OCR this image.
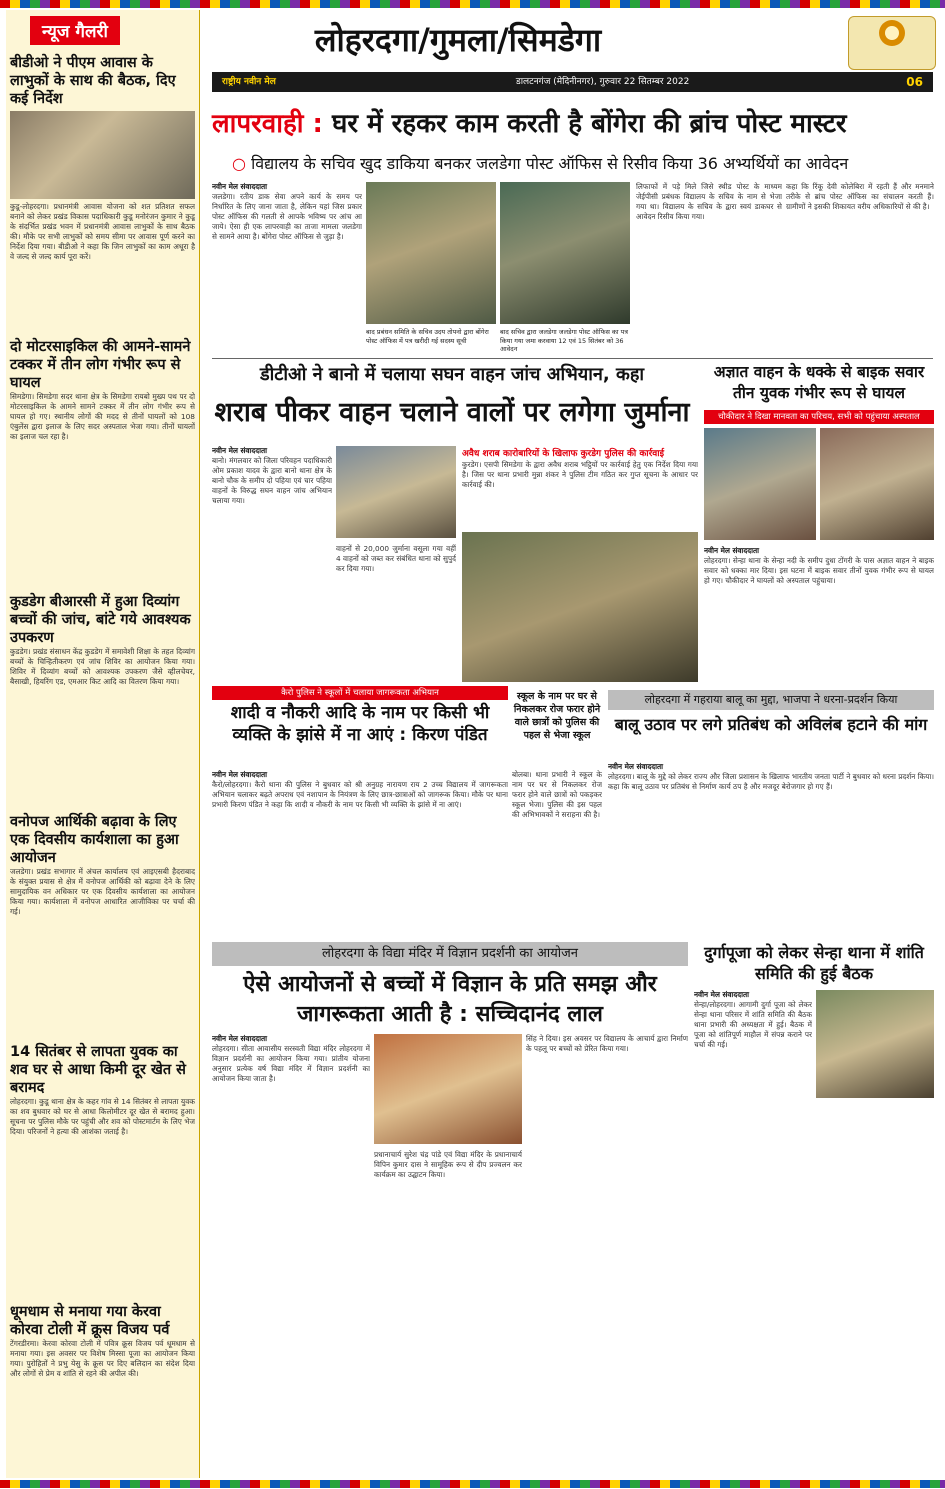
न्यूज गैलरी
बीडीओ ने पीएम आवास के लाभुकों के साथ की बैठक, दिए कई निर्देश
कुडू-लोहरदगा। प्रधानमंत्री आवास योजना को शत प्रतिशत सफल बनाने को लेकर प्रखंड विकास पदाधिकारी कुडू मनोरंजन कुमार ने कुडू के संदर्भित प्रखंड भवन में प्रधानमंत्री आवास लाभुकों के साथ बैठक की। मौके पर सभी लाभुकों को समय सीमा पर आवास पूर्ण करने का निर्देश दिया गया। बीडीओ ने कहा कि जिन लाभुकों का काम अधूरा है वे जल्द से जल्द कार्य पूरा करें।
दो मोटरसाइकिल की आमने-सामने टक्कर में तीन लोग गंभीर रूप से घायल
सिमडेगा। सिमडेगा सदर थाना क्षेत्र के सिमडेगा रायबो मुख्य पथ पर दो मोटरसाइकिल के आमने सामने टक्कर में तीन लोग गंभीर रूप से घायल हो गए। स्थानीय लोगों की मदद से तीनों घायलों को 108 एंबुलेंस द्वारा इलाज के लिए सदर अस्पताल भेजा गया। तीनों घायलों का इलाज चल रहा है।
कुडडेग बीआरसी में हुआ दिव्यांग बच्चों की जांच, बांटे गये आवश्यक उपकरण
कुडडेग। प्रखंड संसाधन केंद्र कुडडेग में समावेशी शिक्षा के तहत दिव्यांग बच्चों के चिन्हितीकरण एवं जांच शिविर का आयोजन किया गया। शिविर में दिव्यांग बच्चों को आवश्यक उपकरण जैसे व्हीलचेयर, बैसाखी, हियरिंग एड, एमआर किट आदि का वितरण किया गया।
वनोपज आर्थिकी बढ़ावा के लिए एक दिवसीय कार्यशाला का हुआ आयोजन
जलडेगा। प्रखंड सभागार में अंचल कार्यालय एवं आइएसबी हैदराबाद के संयुक्त प्रयास से क्षेत्र में वनोपज आर्थिकी को बढ़ावा देने के लिए सामुदायिक वन अधिकार पर एक दिवसीय कार्यशाला का आयोजन किया गया। कार्यशाला में वनोपज आधारित आजीविका पर चर्चा की गई।
14 सितंबर से लापता युवक का शव घर से आधा किमी दूर खेत से बरामद
लोहरदगा। कुडू थाना क्षेत्र के कहर गांव से 14 सितंबर से लापता युवक का शव बुधवार को घर से आधा किलोमीटर दूर खेत से बरामद हुआ। सूचना पर पुलिस मौके पर पहुंची और शव को पोस्टमार्टम के लिए भेज दिया। परिजनों ने हत्या की आशंका जताई है।
धूमधाम से मनाया गया केरवा कोरवा टोली में क्रूस विजय पर्व
टेंगरडीरमा। केरवा कोरवा टोली में पवित्र क्रूस विजय पर्व धूमधाम से मनाया गया। इस अवसर पर विशेष मिस्सा पूजा का आयोजन किया गया। पुरोहितों ने प्रभु येसु के क्रूस पर दिए बलिदान का संदेश दिया और लोगों से प्रेम व शांति से रहने की अपील की।
लोहरदगा/गुमला/सिमडेगा
राष्ट्रीय नवीन मेल	डालटनगंज (मेदिनीनगर), गुरुवार 22 सितम्बर 2022	06
लापरवाही : घर में रहकर काम करती है बोंगेरा की ब्रांच पोस्ट मास्टर
○ विद्यालय के सचिव खुद डाकिया बनकर जलडेगा पोस्ट ऑफिस से रिसीव किया 36 अभ्यर्थियों का आवेदन
नवीन मेल संवाददाता
जलडेगा। रतीय डाक सेवा अपने कार्य के समय पर निर्धारित के लिए जाना जाता है, लेकिन यहां जिस प्रकार पोस्ट ऑफिस की गलती से आपके भविष्य पर आंच आ जाये। ऐसा ही एक लापरवाही का ताजा मामला जलडेगा से सामने आया है। बोंगेरा पोस्ट ऑफिस से जुड़ा है।
बाद प्रबंधन समिति के सचिव उदय तोपनो द्वारा बोंगेरा पोस्ट ऑफिस में पत्र खरीदी गई सदस्य सूची
बाद सचिव द्वारा जलडेगा जलडेगा पोस्ट ऑफिस का पत्र किया गया जमा करवाया 12 एवं 15 सितंबर को 36 आवेदन
लिफाफों में पड़े मिले जिसे स्थीड पोस्ट के माध्यम जेईपीसी प्रबंधक विद्यालय के सचिव के नाम से भेजा गया था। विद्यालय के सचिव के द्वारा स्वयं डाकघर से आवेदन रिसीव किया गया।
कहा कि रिंकू देवी कोलेबिरा में रहती हैं और मनमाने तरीके से ब्रांच पोस्ट ऑफिस का संचालन करती हैं। ग्रामीणों ने इसकी शिकायत वरीय अधिकारियों से की है।
डीटीओ ने बानो में चलाया सघन वाहन जांच अभियान, कहा
शराब पीकर वाहन चलाने वालों पर लगेगा जुर्माना
नवीन मेल संवाददाता
बानो। मंगलवार को जिला परिवहन पदाधिकारी ओम प्रकाश यादव के द्वारा बानो थाना क्षेत्र के बानो चौक के समीप दो पहिया एवं चार पहिया वाहनों के विरुद्ध सघन वाहन जांच अभियान चलाया गया।
वाहनों से 20,000 जुर्माना वसूला गया वहीं 4 वाहनों को जब्त कर संबंधित थाना को सुपुर्द कर दिया गया।
अवैध शराब कारोबारियों के खिलाफ कुरडेग पुलिस की कार्रवाई
कुरडेग। एसपी सिमडेगा के द्वारा अवैध शराब भट्ठियों पर कार्रवाई हेतु एक निर्देश दिया गया है। जिस पर थाना प्रभारी मुन्ना शंकर ने पुलिस टीम गठित कर गुप्त सूचना के आधार पर कार्रवाई की।
अज्ञात वाहन के धक्के से बाइक सवार तीन युवक गंभीर रूप से घायल
चौकीदार ने दिखा मानवता का परिचय, सभी को पहुंचाया अस्पताल
नवीन मेल संवाददाता
लोहरदगा। सेन्हा थाना के सेन्हा नदी के समीप दुधा टोंगरी के पास अज्ञात वाहन ने बाइक सवार को धक्का मार दिया। इस घटना में बाइक सवार तीनों युवक गंभीर रूप से घायल हो गए। चौकीदार ने घायलों को अस्पताल पहुंचाया।
कैरो पुलिस ने स्कूलों में चलाया जागरूकता अभियान
शादी व नौकरी आदि के नाम पर किसी भी व्यक्ति के झांसे में ना आएं : किरण पंडित
नवीन मेल संवाददाता
कैरो/लोहरदगा। कैरो थाना की पुलिस ने बुधवार को श्री अनुग्रह नारायण राय 2 उच्च विद्यालय में जागरूकता अभियान चलाकर बढ़ते अपराध एवं नशापान के नियंत्रण के लिए छात्र-छात्राओं को जागरूक किया। मौके पर थाना प्रभारी किरण पंडित ने कहा कि शादी व नौकरी के नाम पर किसी भी व्यक्ति के झांसे में ना आएं।
स्कूल के नाम पर घर से निकलकर रोज फरार होने वाले छात्रों को पुलिस की पहल से भेजा स्कूल
बोलबा। थाना प्रभारी ने स्कूल के नाम पर घर से निकलकर रोज फरार होने वाले छात्रों को पकड़कर स्कूल भेजा। पुलिस की इस पहल की अभिभावकों ने सराहना की है।
लोहरदगा में गहराया बालू का मुद्दा, भाजपा ने धरना-प्रदर्शन किया
बालू उठाव पर लगे प्रतिबंध को अविलंब हटाने की मांग
नवीन मेल संवाददाता
लोहरदगा। बालू के मुद्दे को लेकर राज्य और जिला प्रशासन के खिलाफ भारतीय जनता पार्टी ने बुधवार को धरना प्रदर्शन किया। कहा कि बालू उठाव पर प्रतिबंध से निर्माण कार्य ठप है और मजदूर बेरोजगार हो गए हैं।
लोहरदगा के विद्या मंदिर में विज्ञान प्रदर्शनी का आयोजन
ऐसे आयोजनों से बच्चों में विज्ञान के प्रति समझ और जागरूकता आती है : सच्चिदानंद लाल
नवीन मेल संवाददाता
लोहरदगा। सीता आवासीय सरस्वती विद्या मंदिर लोहरदगा में विज्ञान प्रदर्शनी का आयोजन किया गया। प्रांतीय योजना अनुसार प्रत्येक वर्ष विद्या मंदिर में विज्ञान प्रदर्शनी का आयोजन किया जाता है।
प्रधानाचार्य सुरेश चंद्र पांडे एवं विद्या मंदिर के प्रधानाचार्य विपिन कुमार दास ने सामूहिक रूप से दीप प्रज्वलन कर कार्यक्रम का उद्घाटन किया।
सिंह ने दिया। इस अवसर पर विद्यालय के आचार्य द्वारा निर्माण के पहलू पर बच्चों को प्रेरित किया गया।
दुर्गापूजा को लेकर सेन्हा थाना में शांति समिति की हुई बैठक
नवीन मेल संवाददाता
सेन्हा/लोहरदगा। आगामी दुर्गा पूजा को लेकर सेन्हा थाना परिसर में शांति समिति की बैठक थाना प्रभारी की अध्यक्षता में हुई। बैठक में पूजा को शांतिपूर्ण माहौल में संपन्न कराने पर चर्चा की गई।
